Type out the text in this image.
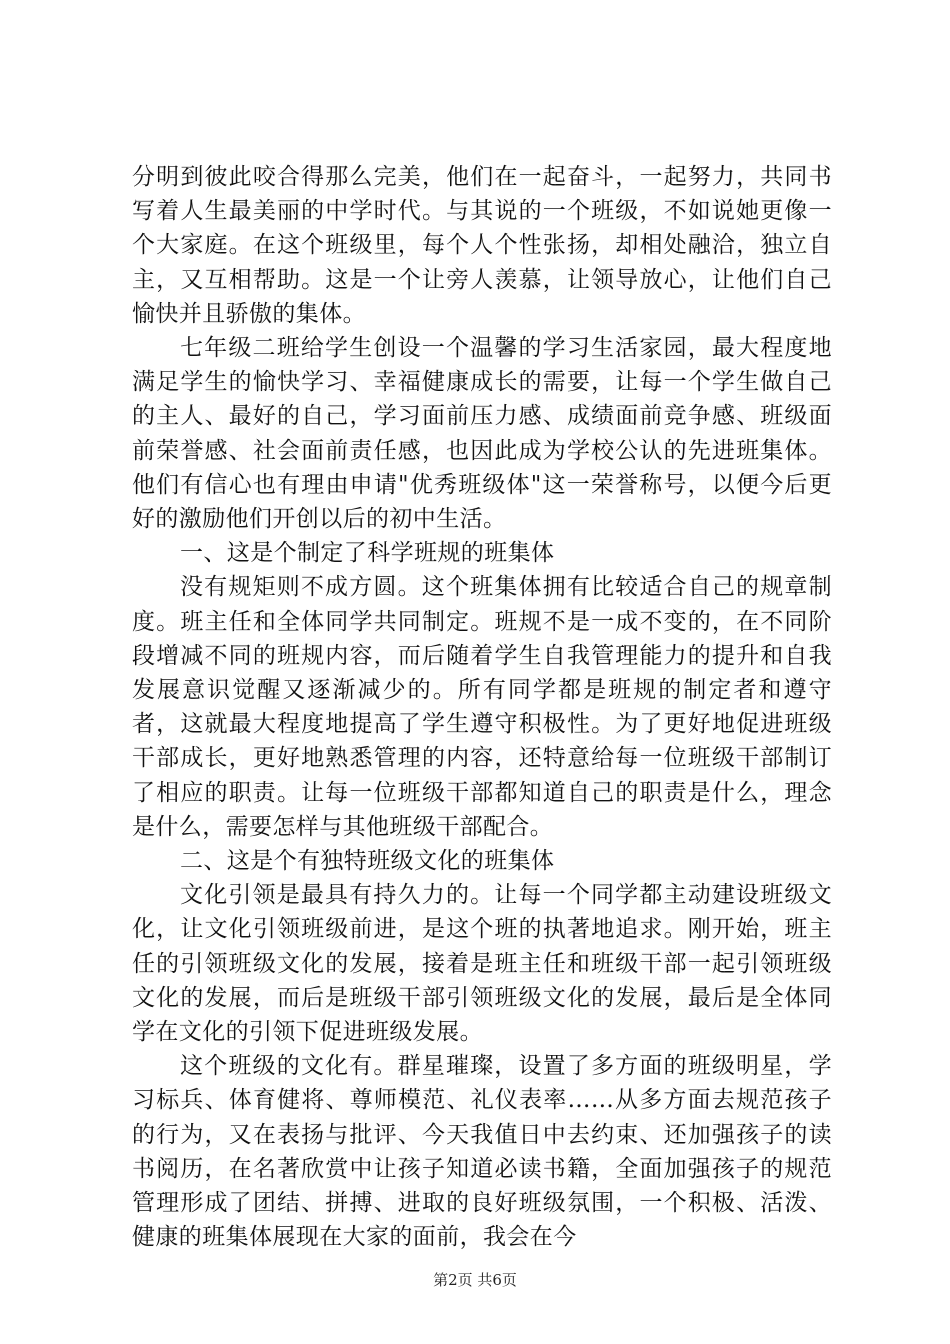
分明到彼此咬合得那么完美，他们在一起奋斗，一起努力，共同书写着人生最美丽的中学时代。与其说的一个班级，不如说她更像一个大家庭。在这个班级里，每个人个性张扬，却相处融洽，独立自主，又互相帮助。这是一个让旁人羡慕，让领导放心，让他们自己愉快并且骄傲的集体。

七年级二班给学生创设一个温馨的学习生活家园，最大程度地满足学生的愉快学习、幸福健康成长的需要，让每一个学生做自己的主人、最好的自己，学习面前压力感、成绩面前竞争感、班级面前荣誉感、社会面前责任感，也因此成为学校公认的先进班集体。他们有信心也有理由申请"优秀班级体"这一荣誉称号，以便今后更好的激励他们开创以后的初中生活。

一、这是个制定了科学班规的班集体

没有规矩则不成方圆。这个班集体拥有比较适合自己的规章制度。班主任和全体同学共同制定。班规不是一成不变的，在不同阶段增减不同的班规内容，而后随着学生自我管理能力的提升和自我发展意识觉醒又逐渐减少的。所有同学都是班规的制定者和遵守者，这就最大程度地提高了学生遵守积极性。为了更好地促进班级干部成长，更好地熟悉管理的内容，还特意给每一位班级干部制订了相应的职责。让每一位班级干部都知道自己的职责是什么，理念是什么，需要怎样与其他班级干部配合。

二、这是个有独特班级文化的班集体

文化引领是最具有持久力的。让每一个同学都主动建设班级文化，让文化引领班级前进，是这个班的执著地追求。刚开始，班主任的引领班级文化的发展，接着是班主任和班级干部一起引领班级文化的发展，而后是班级干部引领班级文化的发展，最后是全体同学在文化的引领下促进班级发展。

这个班级的文化有。群星璀璨，设置了多方面的班级明星，学习标兵、体育健将、尊师模范、礼仪表率……从多方面去规范孩子的行为，又在表扬与批评、今天我值日中去约束、还加强孩子的读书阅历，在名著欣赏中让孩子知道必读书籍，全面加强孩子的规范管理形成了团结、拼搏、进取的良好班级氛围，一个积极、活泼、健康的班集体展现在大家的面前，我会在今

第2页 共6页
